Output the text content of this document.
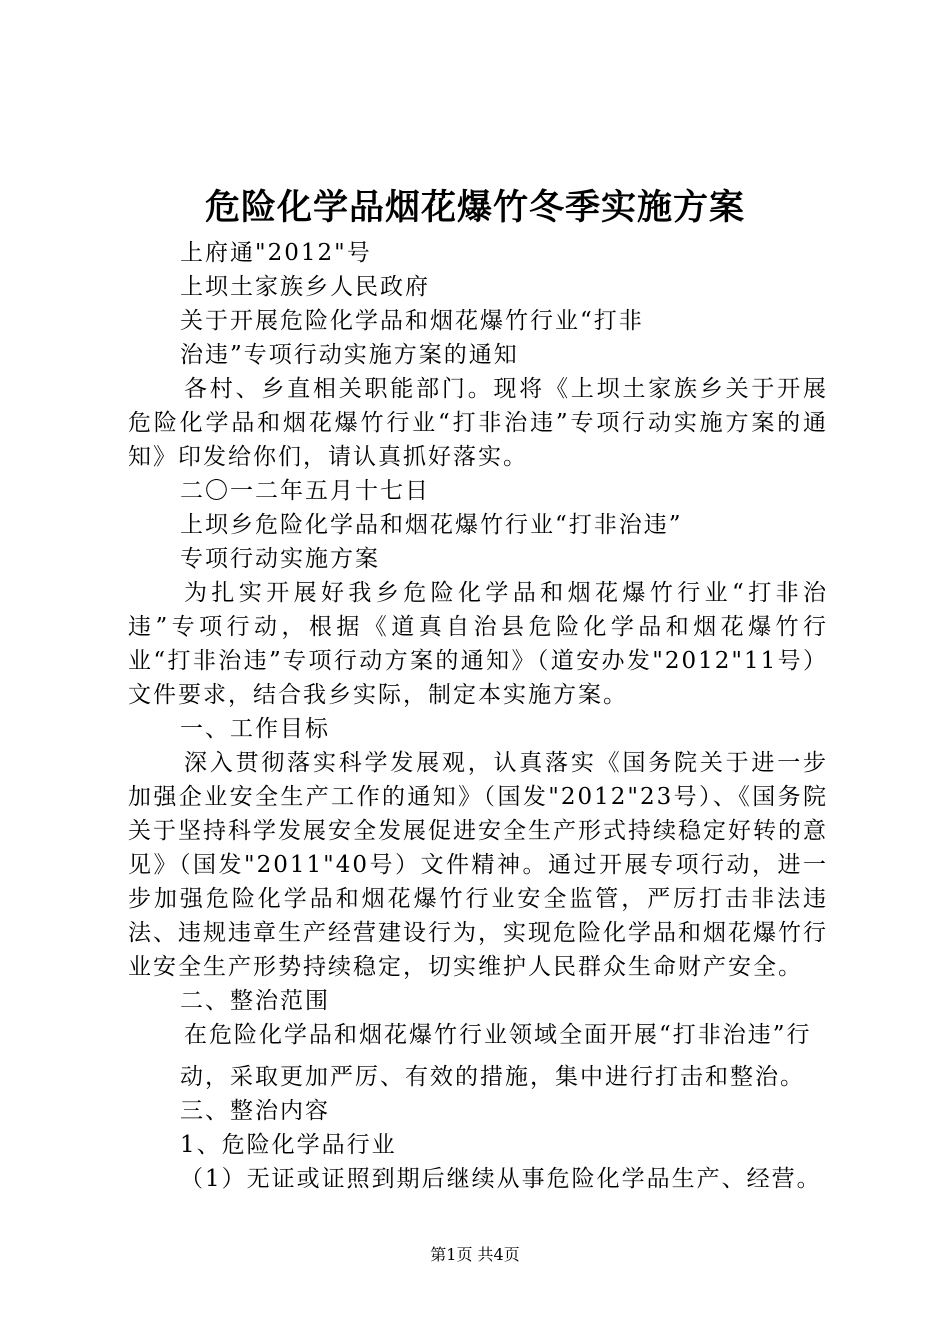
危险化学品烟花爆竹冬季实施方案

上府通"2012"号

上坝土家族乡人民政府

关于开展危险化学品和烟花爆竹行业“打非

治违”专项行动实施方案的通知

各村、乡直相关职能部门。现将《上坝土家族乡关于开展危险化学品和烟花爆竹行业“打非治违”专项行动实施方案的通知》印发给你们，请认真抓好落实。

二〇一二年五月十七日

上坝乡危险化学品和烟花爆竹行业“打非治违”

专项行动实施方案

为扎实开展好我乡危险化学品和烟花爆竹行业“打非治违”专项行动，根据《道真自治县危险化学品和烟花爆竹行业“打非治违”专项行动方案的通知》（道安办发"2012"11号）文件要求，结合我乡实际，制定本实施方案。

一、工作目标

深入贯彻落实科学发展观，认真落实《国务院关于进一步加强企业安全生产工作的通知》（国发"2012"23号）、《国务院关于坚持科学发展安全发展促进安全生产形式持续稳定好转的意见》（国发"2011"40号）文件精神。通过开展专项行动，进一步加强危险化学品和烟花爆竹行业安全监管，严厉打击非法违法、违规违章生产经营建设行为，实现危险化学品和烟花爆竹行业安全生产形势持续稳定，切实维护人民群众生命财产安全。

二、整治范围

在危险化学品和烟花爆竹行业领域全面开展“打非治违”行

动，采取更加严厉、有效的措施，集中进行打击和整治。

三、整治内容

1、危险化学品行业

（1）无证或证照到期后继续从事危险化学品生产、经营。

第1页 共4页
